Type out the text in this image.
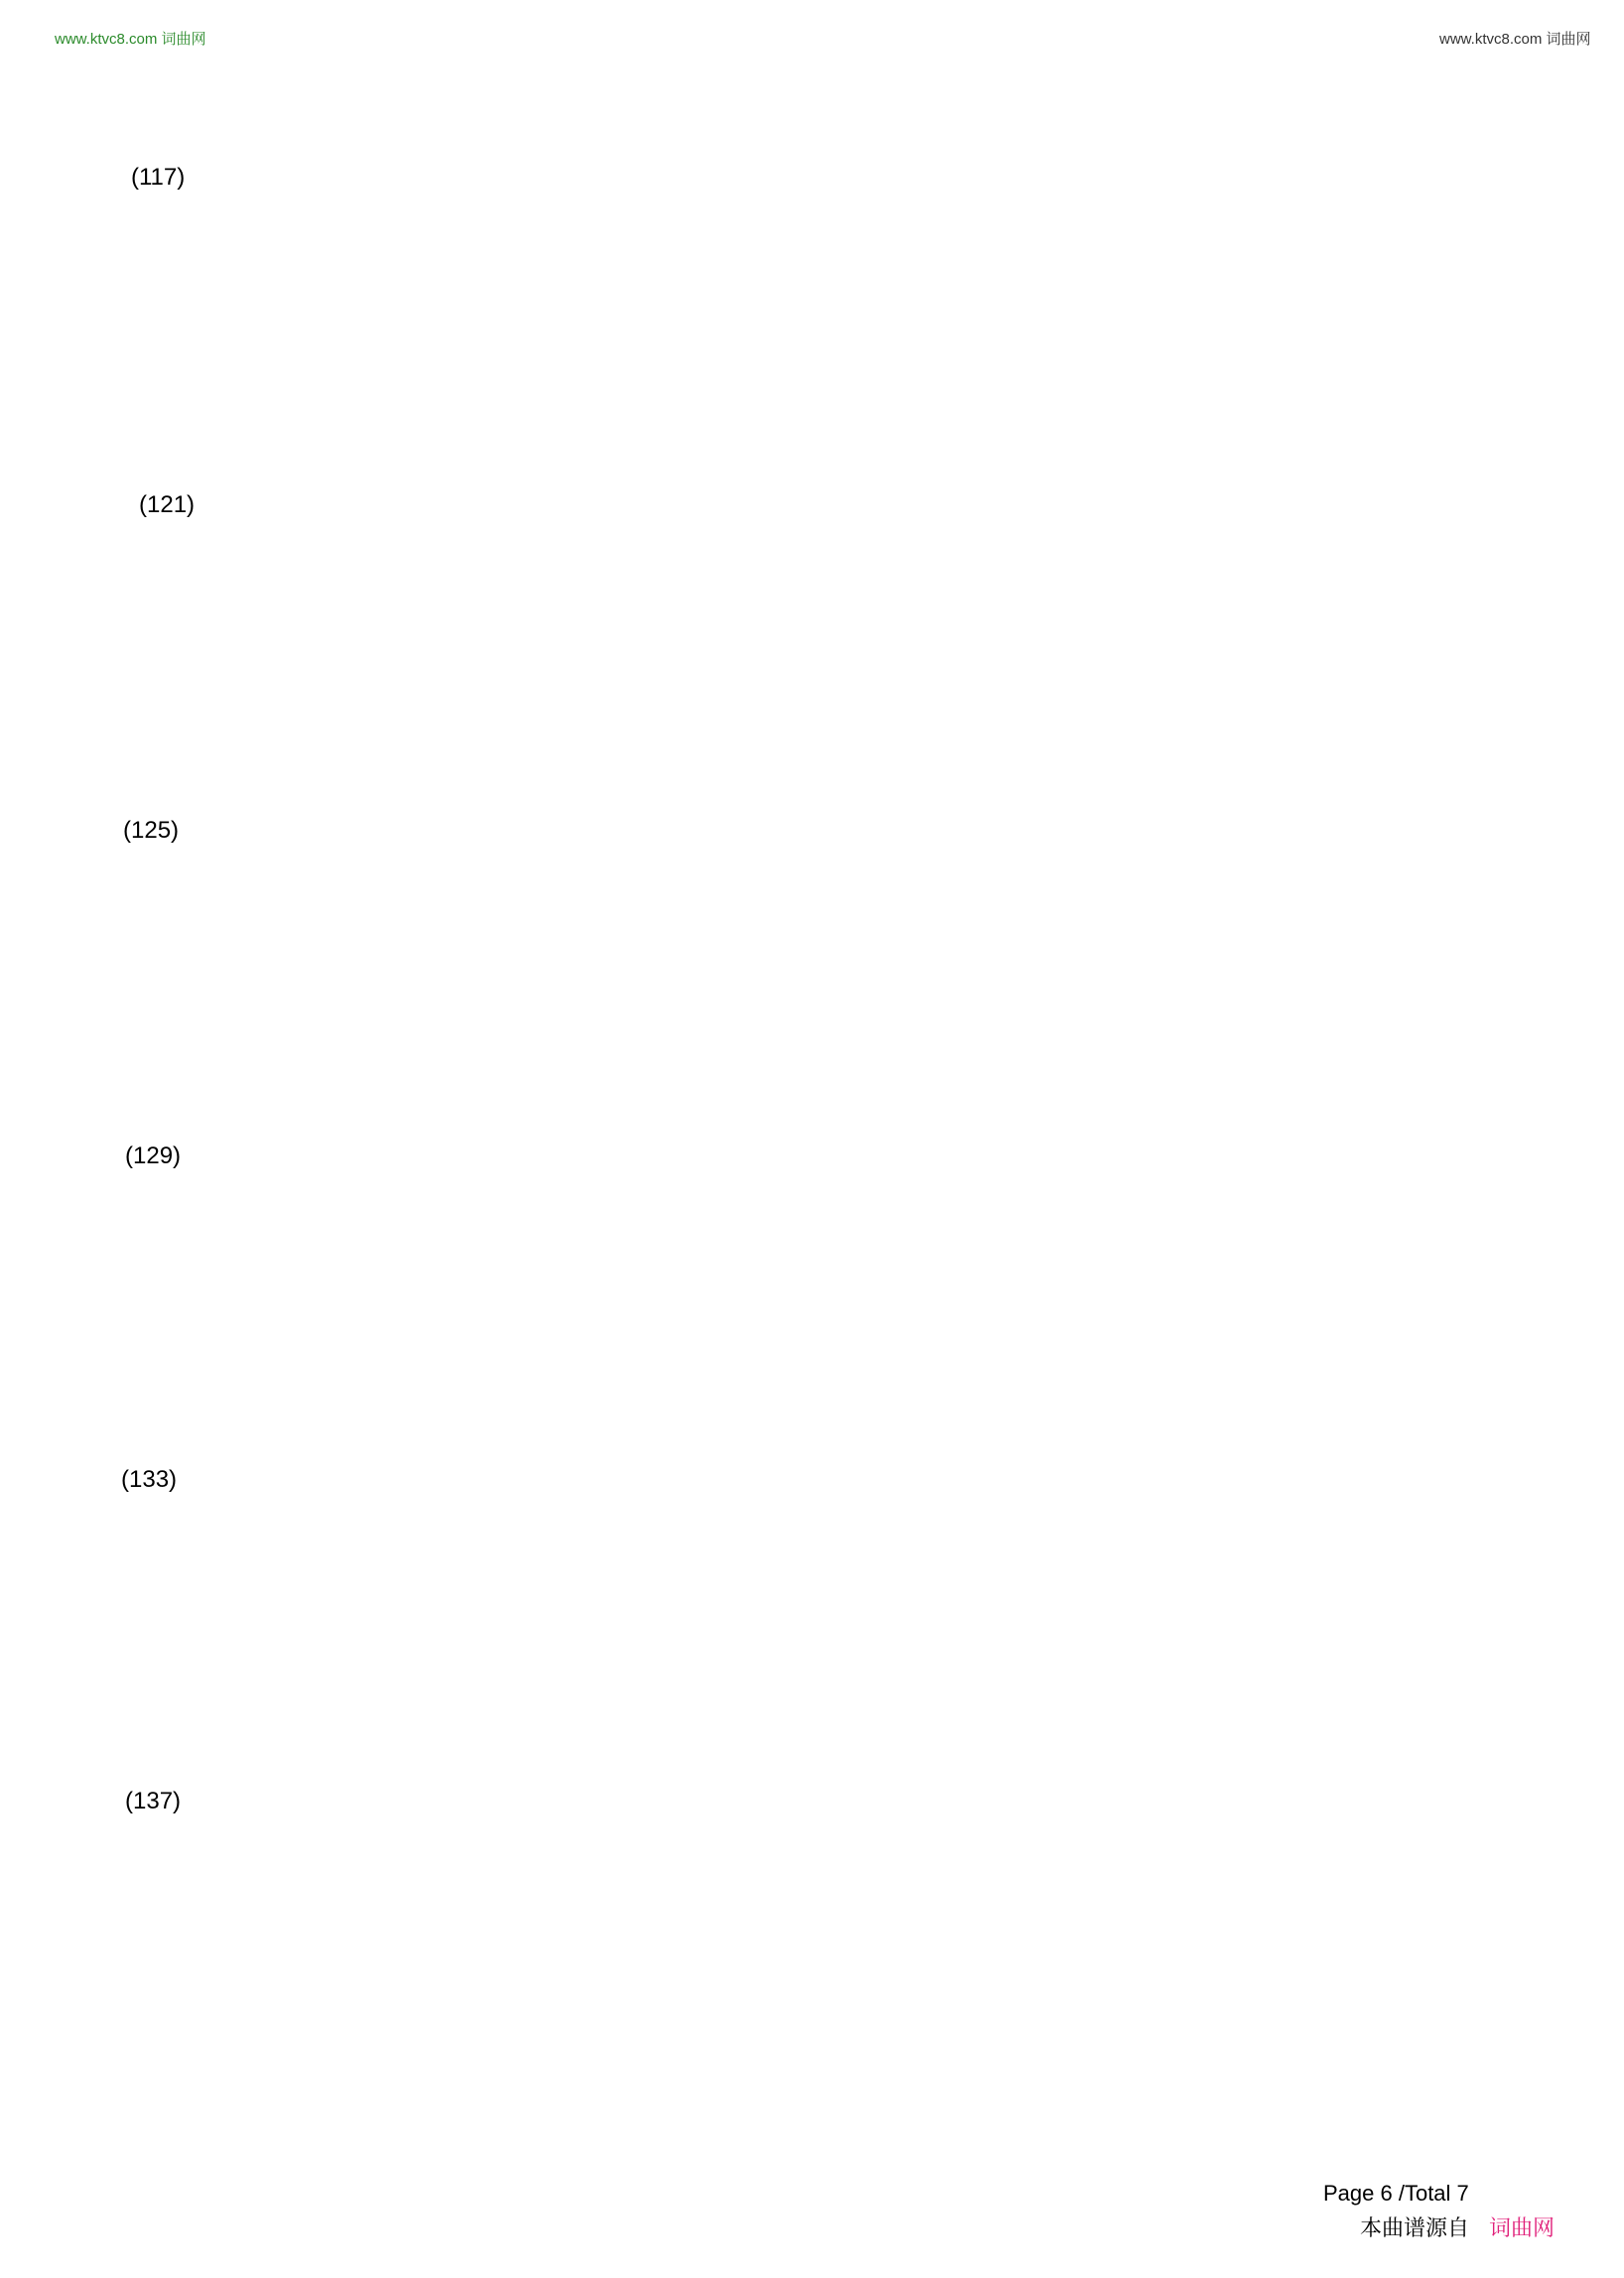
www.ktvc8.com 词曲网	www.ktvc8.com 词曲网
(117)
(121)
(125)
(129)
(133)
(137)
Page 6 /Total 7
本曲谱源自 词曲网
